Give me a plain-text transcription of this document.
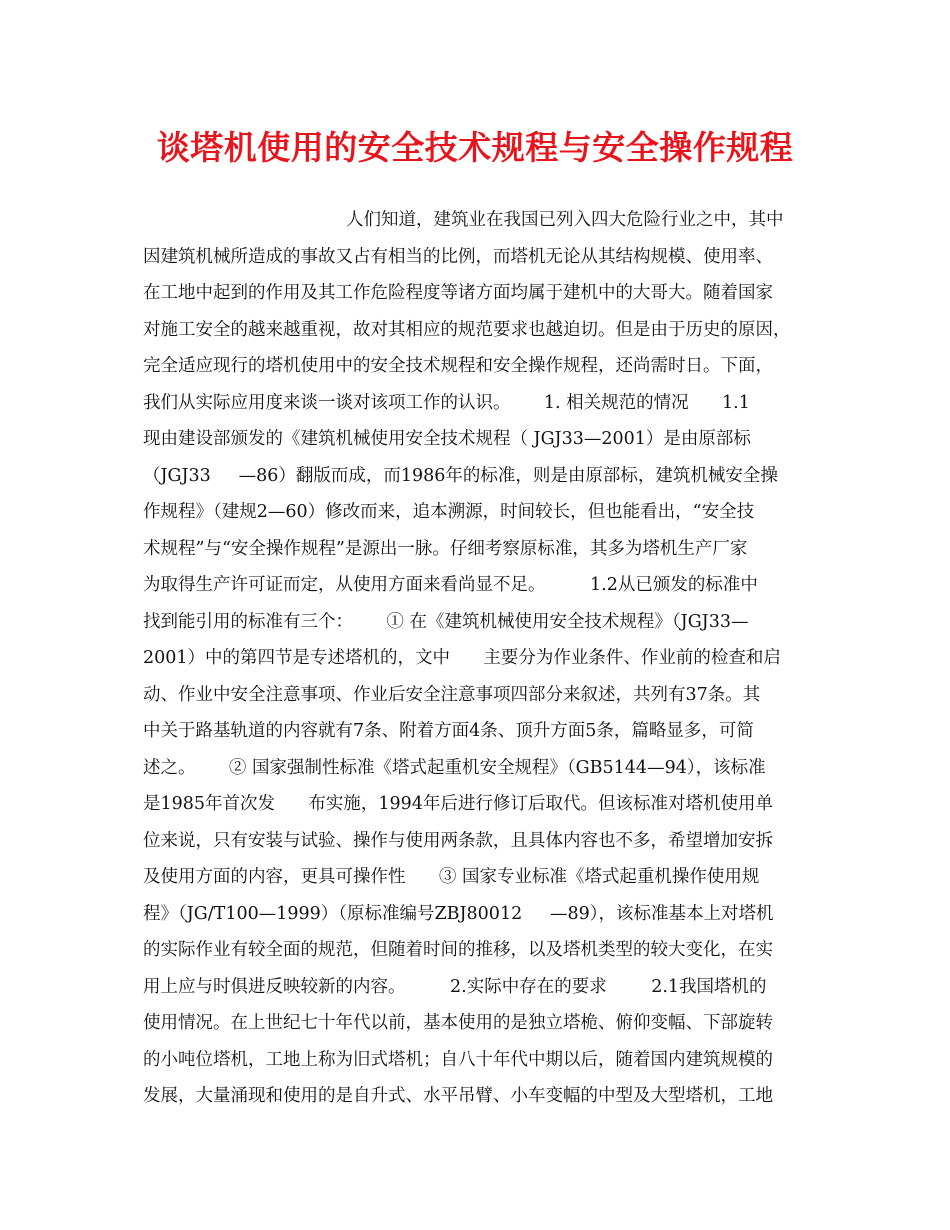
谈塔机使用的安全技术规程与安全操作规程
人们知道，建筑业在我国已列入四大危险行业之中，其中
因建筑机械所造成的事故又占有相当的比例，而塔机无论从其结构规模、使用率、
在工地中起到的作用及其工作危险程度等诸方面均属于建机中的大哥大。随着国家
对施工安全的越来越重视，故对其相应的规范要求也越迫切。但是由于历史的原因，
完全适应现行的塔机使用中的安全技术规程和安全操作规程，还尚需时日。下面，
我们从实际应用度来谈一谈对该项工作的认识。      1. 相关规范的情况      1.1
现由建设部颁发的《建筑机械使用安全技术规程（ JGJ33—2001）是由原部标
（JGJ33     —86）翻版而成，而1986年的标准，则是由原部标，建筑机械安全操
作规程》（建规2—60）修改而来，追本溯源，时间较长，但也能看出，“安全技
术规程”与“安全操作规程”是源出一脉。仔细考察原标准，其多为塔机生产厂家
为取得生产许可证而定，从使用方面来看尚显不足。        1.2从已颁发的标准中
找到能引用的标准有三个：      ① 在《建筑机械使用安全技术规程》（JGJ33—
2001）中的第四节是专述塔机的，文中      主要分为作业条件、作业前的检查和启
动、作业中安全注意事项、作业后安全注意事项四部分来叙述，共列有37条。其
中关于路基轨道的内容就有7条、附着方面4条、顶升方面5条，篇略显多，可简
述之。      ② 国家强制性标准《塔式起重机安全规程》（GB5144—94），该标准
是1985年首次发      布实施，1994年后进行修订后取代。但该标准对塔机使用单
位来说，只有安装与试验、操作与使用两条款，且具体内容也不多，希望增加安拆
及使用方面的内容，更具可操作性      ③ 国家专业标准《塔式起重机操作使用规
程》（JG/T100—1999）（原标准编号ZBJ80012     —89），该标准基本上对塔机
的实际作业有较全面的规范，但随着时间的推移，以及塔机类型的较大变化，在实
用上应与时俱进反映较新的内容。        2.实际中存在的要求        2.1我国塔机的
使用情况。在上世纪七十年代以前，基本使用的是独立塔桅、俯仰变幅、下部旋转
的小吨位塔机，工地上称为旧式塔机；自八十年代中期以后，随着国内建筑规模的
发展，大量涌现和使用的是自升式、水平吊臂、小车变幅的中型及大型塔机，工地
